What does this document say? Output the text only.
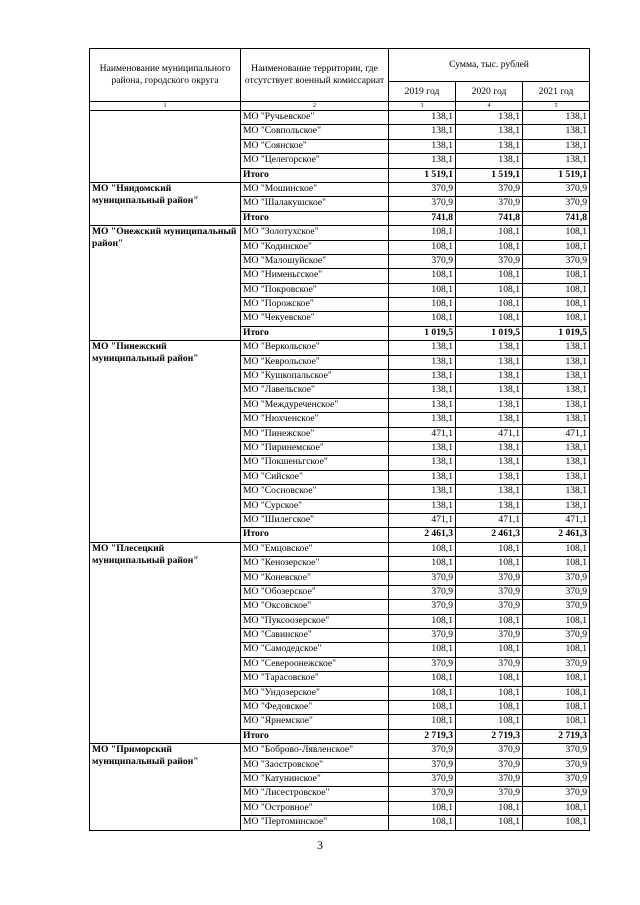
Наименование муниципального района, городского округа	Наименование территории, где отсутствует военный комиссариат	Сумма, тыс. рублей		
		2019 год	2020 год	2021 год
1	2	3	4	5
	МО "Ручьевское"	138,1	138,1	138,1
	МО "Совпольское"	138,1	138,1	138,1
	МО "Соянское"	138,1	138,1	138,1
	МО "Целегорское"	138,1	138,1	138,1
	Итого	1 519,1	1 519,1	1 519,1
МО "Няндомский муниципальный район"	МО "Мошинское"	370,9	370,9	370,9
	МО "Шалакушское"	370,9	370,9	370,9
	Итого	741,8	741,8	741,8
МО "Онежский муниципальный район"	МО "Золотухское"	108,1	108,1	108,1
	МО "Кодинское"	108,1	108,1	108,1
	МО "Малошуйское"	370,9	370,9	370,9
	МО "Нименьгское"	108,1	108,1	108,1
	МО "Покровское"	108,1	108,1	108,1
	МО "Порожское"	108,1	108,1	108,1
	МО "Чекуевское"	108,1	108,1	108,1
	Итого	1 019,5	1 019,5	1 019,5
МО "Пинежский муниципальный район"	МО "Веркольское"	138,1	138,1	138,1
	МО "Кеврольское"	138,1	138,1	138,1
	МО "Кушкопальское"	138,1	138,1	138,1
	МО "Лавельское"	138,1	138,1	138,1
	МО "Междуреченское"	138,1	138,1	138,1
	МО "Нюхченское"	138,1	138,1	138,1
	МО "Пинежское"	471,1	471,1	471,1
	МО "Пиринемское"	138,1	138,1	138,1
	МО "Покшеньгское"	138,1	138,1	138,1
	МО "Сийское"	138,1	138,1	138,1
	МО "Сосновское"	138,1	138,1	138,1
	МО "Сурское"	138,1	138,1	138,1
	МО "Шилегское"	471,1	471,1	471,1
	Итого	2 461,3	2 461,3	2 461,3
МО "Плесецкий муниципальный район"	МО "Емцовское"	108,1	108,1	108,1
	МО "Кенозерское"	108,1	108,1	108,1
	МО "Коневское"	370,9	370,9	370,9
	МО "Обозерское"	370,9	370,9	370,9
	МО "Оксовское"	370,9	370,9	370,9
	МО "Пуксоозерское"	108,1	108,1	108,1
	МО "Савинское"	370,9	370,9	370,9
	МО "Самодедское"	108,1	108,1	108,1
	МО "Североонежское"	370,9	370,9	370,9
	МО "Тарасовское"	108,1	108,1	108,1
	МО "Ундозерское"	108,1	108,1	108,1
	МО "Федовское"	108,1	108,1	108,1
	МО "Ярнемское"	108,1	108,1	108,1
	Итого	2 719,3	2 719,3	2 719,3
МО "Приморский муниципальный район"	МО "Боброво-Лявленское"	370,9	370,9	370,9
	МО "Заостровское"	370,9	370,9	370,9
	МО "Катунинское"	370,9	370,9	370,9
	МО "Лисестровское"	370,9	370,9	370,9
	МО "Островное"	108,1	108,1	108,1
	МО "Пертоминское"	108,1	108,1	108,1
3
